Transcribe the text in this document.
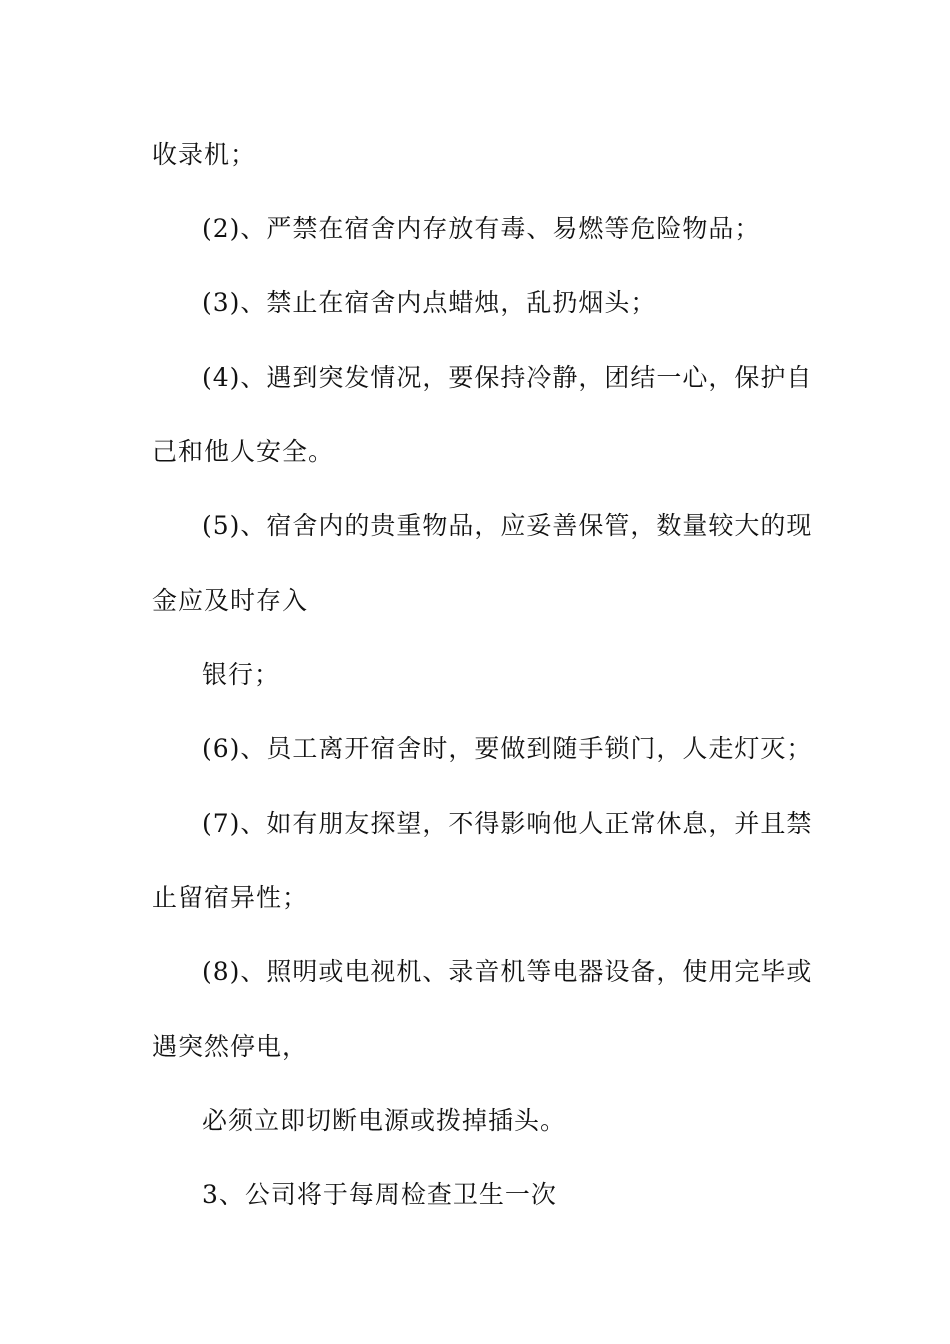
收录机；
(2)、严禁在宿舍内存放有毒、易燃等危险物品；
(3)、禁止在宿舍内点蜡烛，乱扔烟头；
(4)、遇到突发情况，要保持冷静，团结一心，保护自
己和他人安全。
(5)、宿舍内的贵重物品，应妥善保管，数量较大的现
金应及时存入
银行；
(6)、员工离开宿舍时，要做到随手锁门，人走灯灭；
(7)、如有朋友探望，不得影响他人正常休息，并且禁
止留宿异性；
(8)、照明或电视机、录音机等电器设备，使用完毕或
遇突然停电，
必须立即切断电源或拨掉插头。
3、公司将于每周检查卫生一次
